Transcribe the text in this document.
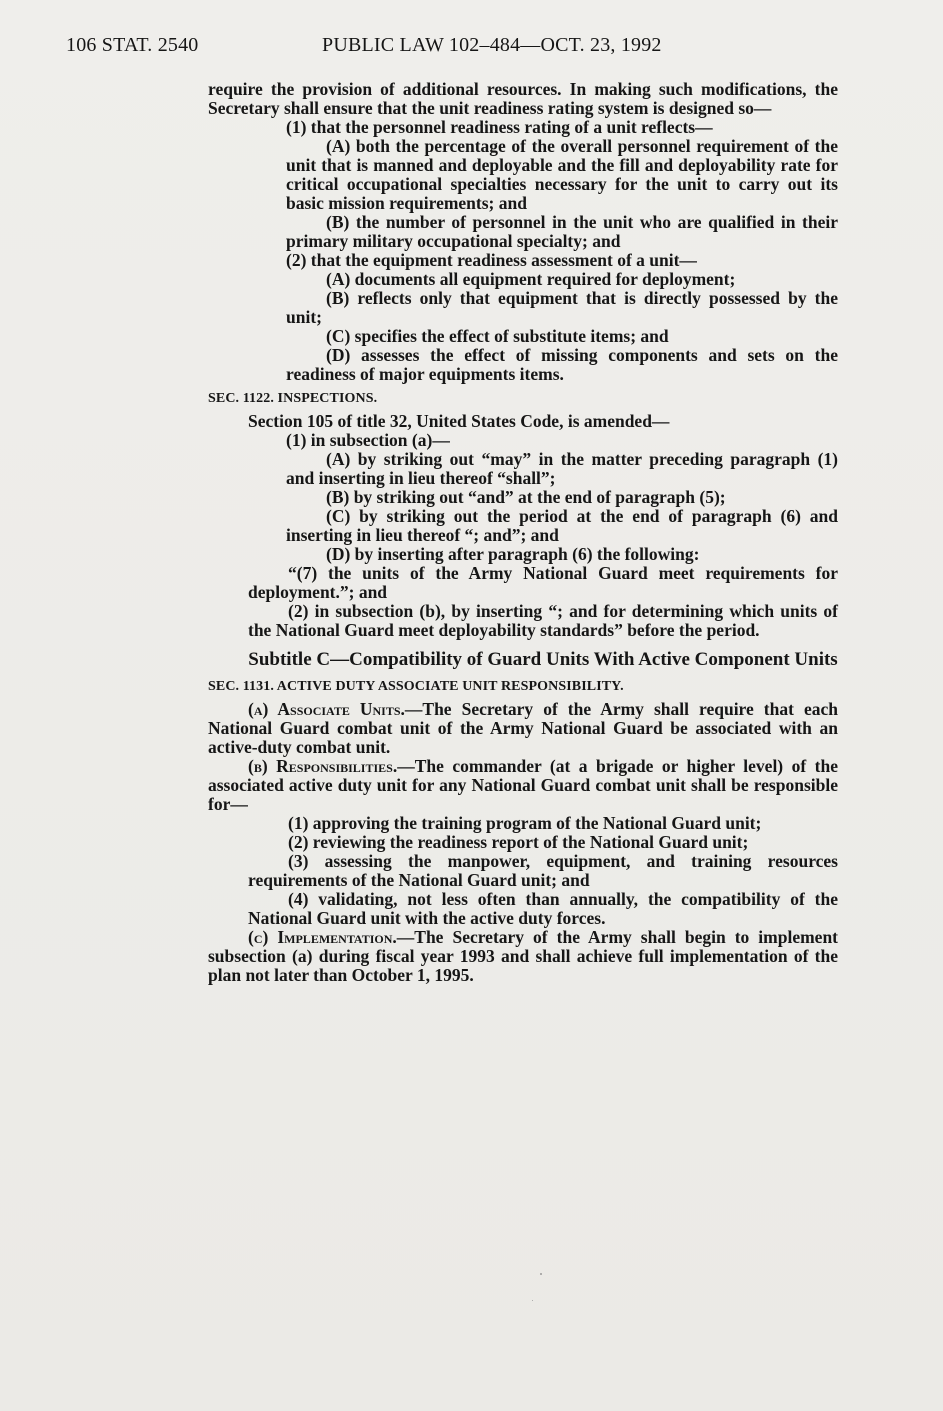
106 STAT. 2540	PUBLIC LAW 102–484—OCT. 23, 1992

require the provision of additional resources. In making such modifications, the Secretary shall ensure that the unit readiness rating system is designed so—

(1) that the personnel readiness rating of a unit reflects—

(A) both the percentage of the overall personnel requirement of the unit that is manned and deployable and the fill and deployability rate for critical occupational specialties necessary for the unit to carry out its basic mission requirements; and

(B) the number of personnel in the unit who are qualified in their primary military occupational specialty; and

(2) that the equipment readiness assessment of a unit—

(A) documents all equipment required for deployment;

(B) reflects only that equipment that is directly possessed by the unit;

(C) specifies the effect of substitute items; and

(D) assesses the effect of missing components and sets on the readiness of major equipments items.

SEC. 1122. INSPECTIONS.

Section 105 of title 32, United States Code, is amended—

(1) in subsection (a)—

(A) by striking out “may” in the matter preceding paragraph (1) and inserting in lieu thereof “shall”;

(B) by striking out “and” at the end of paragraph (5);

(C) by striking out the period at the end of paragraph (6) and inserting in lieu thereof “; and”; and

(D) by inserting after paragraph (6) the following:

“(7) the units of the Army National Guard meet requirements for deployment.”; and

(2) in subsection (b), by inserting “; and for determining which units of the National Guard meet deployability standards” before the period.

Subtitle C—Compatibility of Guard Units With Active Component Units

SEC. 1131. ACTIVE DUTY ASSOCIATE UNIT RESPONSIBILITY.

(a) Associate Units.—The Secretary of the Army shall require that each National Guard combat unit of the Army National Guard be associated with an active-duty combat unit.

(b) Responsibilities.—The commander (at a brigade or higher level) of the associated active duty unit for any National Guard combat unit shall be responsible for—

(1) approving the training program of the National Guard unit;

(2) reviewing the readiness report of the National Guard unit;

(3) assessing the manpower, equipment, and training resources requirements of the National Guard unit; and

(4) validating, not less often than annually, the compatibility of the National Guard unit with the active duty forces.

(c) Implementation.—The Secretary of the Army shall begin to implement subsection (a) during fiscal year 1993 and shall achieve full implementation of the plan not later than October 1, 1995.
